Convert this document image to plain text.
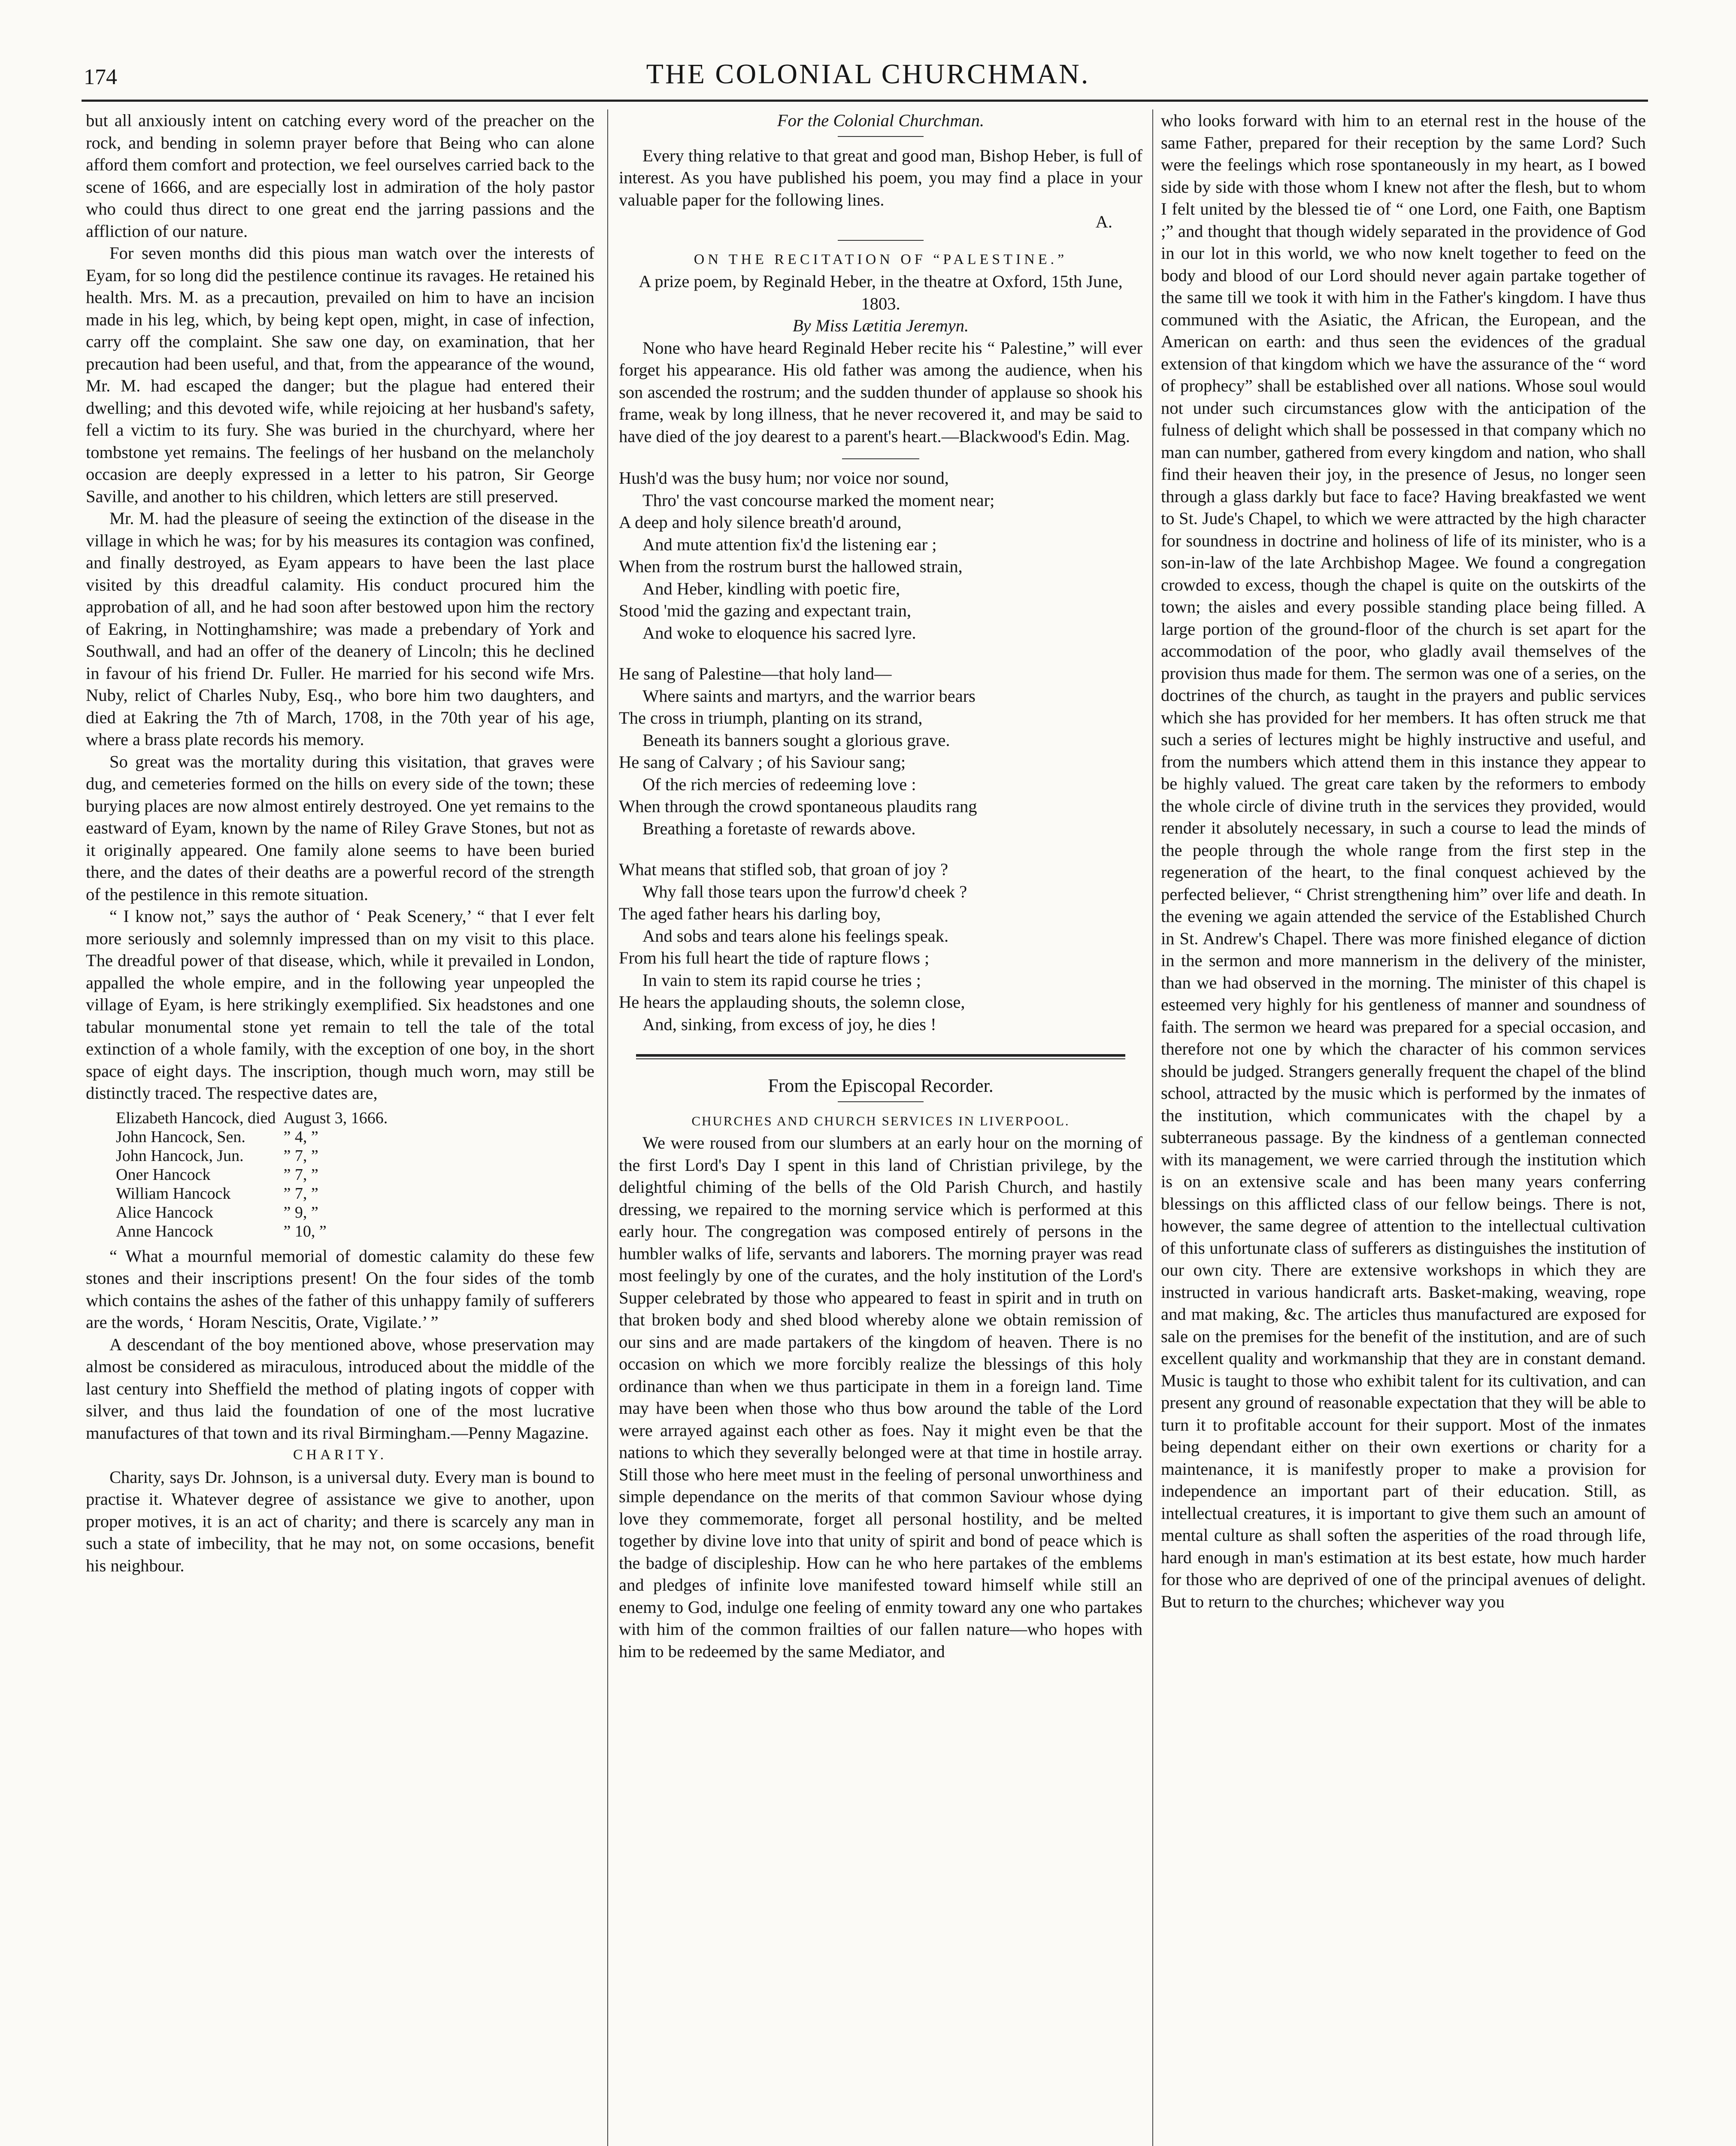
174	THE COLONIAL CHURCHMAN.

but all anxiously intent on catching every word of the preacher on the rock, and bending in solemn prayer before that Being who can alone afford them comfort and protection, we feel ourselves carried back to the scene of 1666, and are especially lost in admiration of the holy pastor who could thus direct to one great end the jarring passions and the affliction of our nature.

For seven months did this pious man watch over the interests of Eyam, for so long did the pestilence continue its ravages. He retained his health. Mrs. M. as a precaution, prevailed on him to have an incision made in his leg, which, by being kept open, might, in case of infection, carry off the complaint. She saw one day, on examination, that her precaution had been useful, and that, from the appearance of the wound, Mr. M. had escaped the danger; but the plague had entered their dwelling; and this devoted wife, while rejoicing at her husband's safety, fell a victim to its fury. She was buried in the churchyard, where her tombstone yet remains. The feelings of her husband on the melancholy occasion are deeply expressed in a letter to his patron, Sir George Saville, and another to his children, which letters are still preserved.

Mr. M. had the pleasure of seeing the extinction of the disease in the village in which he was; for by his measures its contagion was confined, and finally destroyed, as Eyam appears to have been the last place visited by this dreadful calamity. His conduct procured him the approbation of all, and he had soon after bestowed upon him the rectory of Eakring, in Nottinghamshire; was made a prebendary of York and Southwall, and had an offer of the deanery of Lincoln; this he declined in favour of his friend Dr. Fuller. He married for his second wife Mrs. Nuby, relict of Charles Nuby, Esq., who bore him two daughters, and died at Eakring the 7th of March, 1708, in the 70th year of his age, where a brass plate records his memory.

So great was the mortality during this visitation, that graves were dug, and cemeteries formed on the hills on every side of the town; these burying places are now almost entirely destroyed. One yet remains to the eastward of Eyam, known by the name of Riley Grave Stones, but not as it originally appeared. One family alone seems to have been buried there, and the dates of their deaths are a powerful record of the strength of the pestilence in this remote situation.

“ I know not,” says the author of ‘ Peak Scenery,’ “ that I ever felt more seriously and solemnly impressed than on my visit to this place. The dreadful power of that disease, which, while it prevailed in London, appalled the whole empire, and in the following year unpeopled the village of Eyam, is here strikingly exemplified. Six headstones and one tabular monumental stone yet remain to tell the tale of the total extinction of a whole family, with the exception of one boy, in the short space of eight days. The inscription, though much worn, may still be distinctly traced. The respective dates are,

Elizabeth Hancock, died	August 3, 1666.
John Hancock, Sen.	” 4, ”
John Hancock, Jun.	” 7, ”
Oner Hancock	” 7, ”
William Hancock	” 7, ”
Alice Hancock	” 9, ”
Anne Hancock	” 10, ”

“ What a mournful memorial of domestic calamity do these few stones and their inscriptions present! On the four sides of the tomb which contains the ashes of the father of this unhappy family of sufferers are the words, ‘ Horam Nescitis, Orate, Vigilate.’ ”

A descendant of the boy mentioned above, whose preservation may almost be considered as miraculous, introduced about the middle of the last century into Sheffield the method of plating ingots of copper with silver, and thus laid the foundation of one of the most lucrative manufactures of that town and its rival Birmingham.—Penny Magazine.

CHARITY.

Charity, says Dr. Johnson, is a universal duty. Every man is bound to practise it. Whatever degree of assistance we give to another, upon proper motives, it is an act of charity; and there is scarcely any man in such a state of imbecility, that he may not, on some occasions, benefit his neighbour.

For the Colonial Churchman.

Every thing relative to that great and good man, Bishop Heber, is full of interest. As you have published his poem, you may find a place in your valuable paper for the following lines.

A.

ON THE RECITATION OF “PALESTINE.”

A prize poem, by Reginald Heber, in the theatre at Oxford, 15th June, 1803.

By Miss Lætitia Jeremyn.

None who have heard Reginald Heber recite his “ Palestine,” will ever forget his appearance. His old father was among the audience, when his son ascended the rostrum; and the sudden thunder of applause so shook his frame, weak by long illness, that he never recovered it, and may be said to have died of the joy dearest to a parent's heart.—Blackwood's Edin. Mag.

Hush'd was the busy hum; nor voice nor sound,
Thro' the vast concourse marked the moment near;
A deep and holy silence breath'd around,
And mute attention fix'd the listening ear ;
When from the rostrum burst the hallowed strain,
And Heber, kindling with poetic fire,
Stood 'mid the gazing and expectant train,
And woke to eloquence his sacred lyre.
He sang of Palestine—that holy land—
Where saints and martyrs, and the warrior bears
The cross in triumph, planting on its strand,
Beneath its banners sought a glorious grave.
He sang of Calvary ; of his Saviour sang;
Of the rich mercies of redeeming love :
When through the crowd spontaneous plaudits rang
Breathing a foretaste of rewards above.
What means that stifled sob, that groan of joy ?
Why fall those tears upon the furrow'd cheek ?
The aged father hears his darling boy,
And sobs and tears alone his feelings speak.
From his full heart the tide of rapture flows ;
In vain to stem its rapid course he tries ;
He hears the applauding shouts, the solemn close,
And, sinking, from excess of joy, he dies !

From the Episcopal Recorder.

CHURCHES AND CHURCH SERVICES IN LIVERPOOL.

We were roused from our slumbers at an early hour on the morning of the first Lord's Day I spent in this land of Christian privilege, by the delightful chiming of the bells of the Old Parish Church, and hastily dressing, we repaired to the morning service which is performed at this early hour. The congregation was composed entirely of persons in the humbler walks of life, servants and laborers. The morning prayer was read most feelingly by one of the curates, and the holy institution of the Lord's Supper celebrated by those who appeared to feast in spirit and in truth on that broken body and shed blood whereby alone we obtain remission of our sins and are made partakers of the kingdom of heaven. There is no occasion on which we more forcibly realize the blessings of this holy ordinance than when we thus participate in them in a foreign land. Time may have been when those who thus bow around the table of the Lord were arrayed against each other as foes. Nay it might even be that the nations to which they severally belonged were at that time in hostile array. Still those who here meet must in the feeling of personal unworthiness and simple dependance on the merits of that common Saviour whose dying love they commemorate, forget all personal hostility, and be melted together by divine love into that unity of spirit and bond of peace which is the badge of discipleship. How can he who here partakes of the emblems and pledges of infinite love manifested toward himself while still an enemy to God, indulge one feeling of enmity toward any one who partakes with him of the common frailties of our fallen nature—who hopes with him to be redeemed by the same Mediator, and

who looks forward with him to an eternal rest in the house of the same Father, prepared for their reception by the same Lord? Such were the feelings which rose spontaneously in my heart, as I bowed side by side with those whom I knew not after the flesh, but to whom I felt united by the blessed tie of “ one Lord, one Faith, one Baptism ;” and thought that though widely separated in the providence of God in our lot in this world, we who now knelt together to feed on the body and blood of our Lord should never again partake together of the same till we took it with him in the Father's kingdom. I have thus communed with the Asiatic, the African, the European, and the American on earth: and thus seen the evidences of the gradual extension of that kingdom which we have the assurance of the “ word of prophecy” shall be established over all nations. Whose soul would not under such circumstances glow with the anticipation of the fulness of delight which shall be possessed in that company which no man can number, gathered from every kingdom and nation, who shall find their heaven their joy, in the presence of Jesus, no longer seen through a glass darkly but face to face? Having breakfasted we went to St. Jude's Chapel, to which we were attracted by the high character for soundness in doctrine and holiness of life of its minister, who is a son-in-law of the late Archbishop Magee. We found a congregation crowded to excess, though the chapel is quite on the outskirts of the town; the aisles and every possible standing place being filled. A large portion of the ground-floor of the church is set apart for the accommodation of the poor, who gladly avail themselves of the provision thus made for them. The sermon was one of a series, on the doctrines of the church, as taught in the prayers and public services which she has provided for her members. It has often struck me that such a series of lectures might be highly instructive and useful, and from the numbers which attend them in this instance they appear to be highly valued. The great care taken by the reformers to embody the whole circle of divine truth in the services they provided, would render it absolutely necessary, in such a course to lead the minds of the people through the whole range from the first step in the regeneration of the heart, to the final conquest achieved by the perfected believer, “ Christ strengthening him” over life and death. In the evening we again attended the service of the Established Church in St. Andrew's Chapel. There was more finished elegance of diction in the sermon and more mannerism in the delivery of the minister, than we had observed in the morning. The minister of this chapel is esteemed very highly for his gentleness of manner and soundness of faith. The sermon we heard was prepared for a special occasion, and therefore not one by which the character of his common services should be judged. Strangers generally frequent the chapel of the blind school, attracted by the music which is performed by the inmates of the institution, which communicates with the chapel by a subterraneous passage. By the kindness of a gentleman connected with its management, we were carried through the institution which is on an extensive scale and has been many years conferring blessings on this afflicted class of our fellow beings. There is not, however, the same degree of attention to the intellectual cultivation of this unfortunate class of sufferers as distinguishes the institution of our own city. There are extensive workshops in which they are instructed in various handicraft arts. Basket-making, weaving, rope and mat making, &c. The articles thus manufactured are exposed for sale on the premises for the benefit of the institution, and are of such excellent quality and workmanship that they are in constant demand. Music is taught to those who exhibit talent for its cultivation, and can present any ground of reasonable expectation that they will be able to turn it to profitable account for their support. Most of the inmates being dependant either on their own exertions or charity for a maintenance, it is manifestly proper to make a provision for independence an important part of their education. Still, as intellectual creatures, it is important to give them such an amount of mental culture as shall soften the asperities of the road through life, hard enough in man's estimation at its best estate, how much harder for those who are deprived of one of the principal avenues of delight. But to return to the churches; whichever way you
